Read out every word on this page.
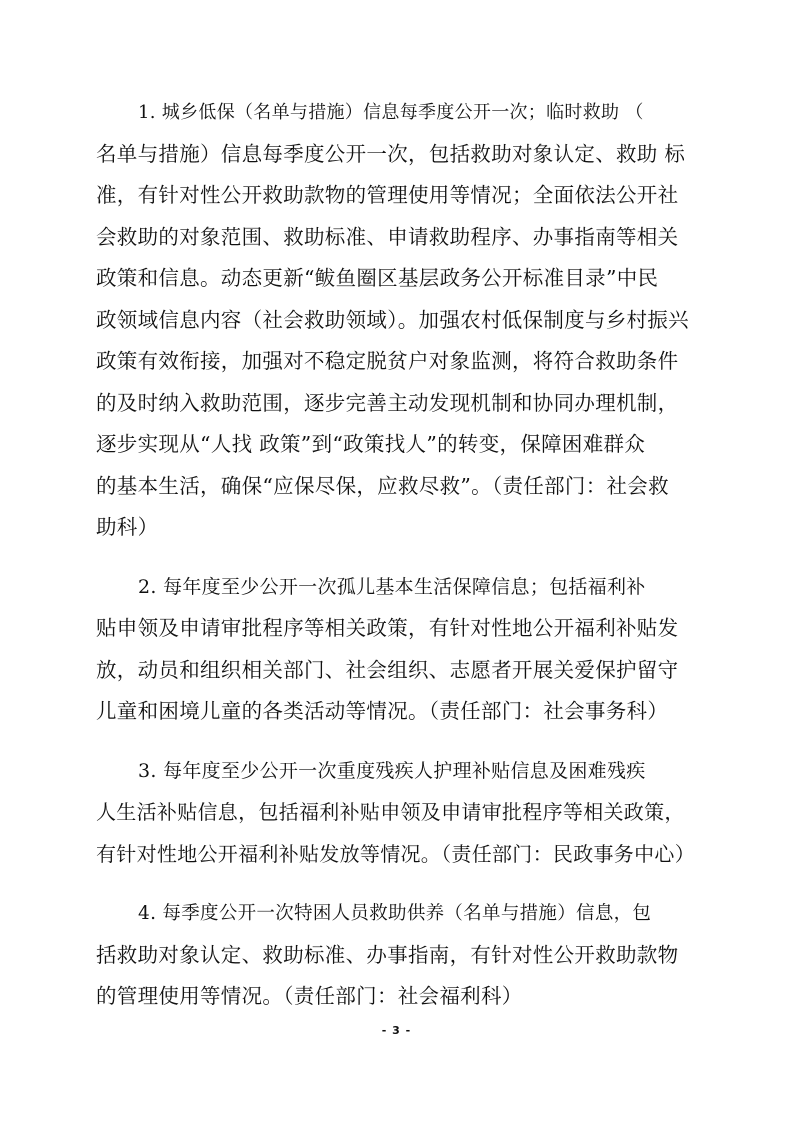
1. 城乡低保（名单与措施）信息每季度公开一次；临时救助 （
名单与措施）信息每季度公开一次，包括救助对象认定、救助 标
准，有针对性公开救助款物的管理使用等情况；全面依法公开社
会救助的对象范围、救助标准、申请救助程序、办事指南等相关
政策和信息。动态更新“鲅鱼圈区基层政务公开标准目录”中民
政领域信息内容（社会救助领域）。加强农村低保制度与乡村振兴
政策有效衔接，加强对不稳定脱贫户对象监测，将符合救助条件
的及时纳入救助范围，逐步完善主动发现机制和协同办理机制，
逐步实现从“人找 政策”到“政策找人”的转变，保障困难群众
的基本生活，确保“应保尽保，应救尽救”。（责任部门：社会救
助科）

2. 每年度至少公开一次孤儿基本生活保障信息；包括福利补
贴申领及申请审批程序等相关政策，有针对性地公开福利补贴发
放，动员和组织相关部门、社会组织、志愿者开展关爱保护留守
儿童和困境儿童的各类活动等情况。（责任部门：社会事务科）

3. 每年度至少公开一次重度残疾人护理补贴信息及困难残疾
人生活补贴信息，包括福利补贴申领及申请审批程序等相关政策，
有针对性地公开福利补贴发放等情况。（责任部门：民政事务中心）

4. 每季度公开一次特困人员救助供养（名单与措施）信息，包
括救助对象认定、救助标准、办事指南，有针对性公开救助款物
的管理使用等情况。（责任部门：社会福利科）

- 3 -
